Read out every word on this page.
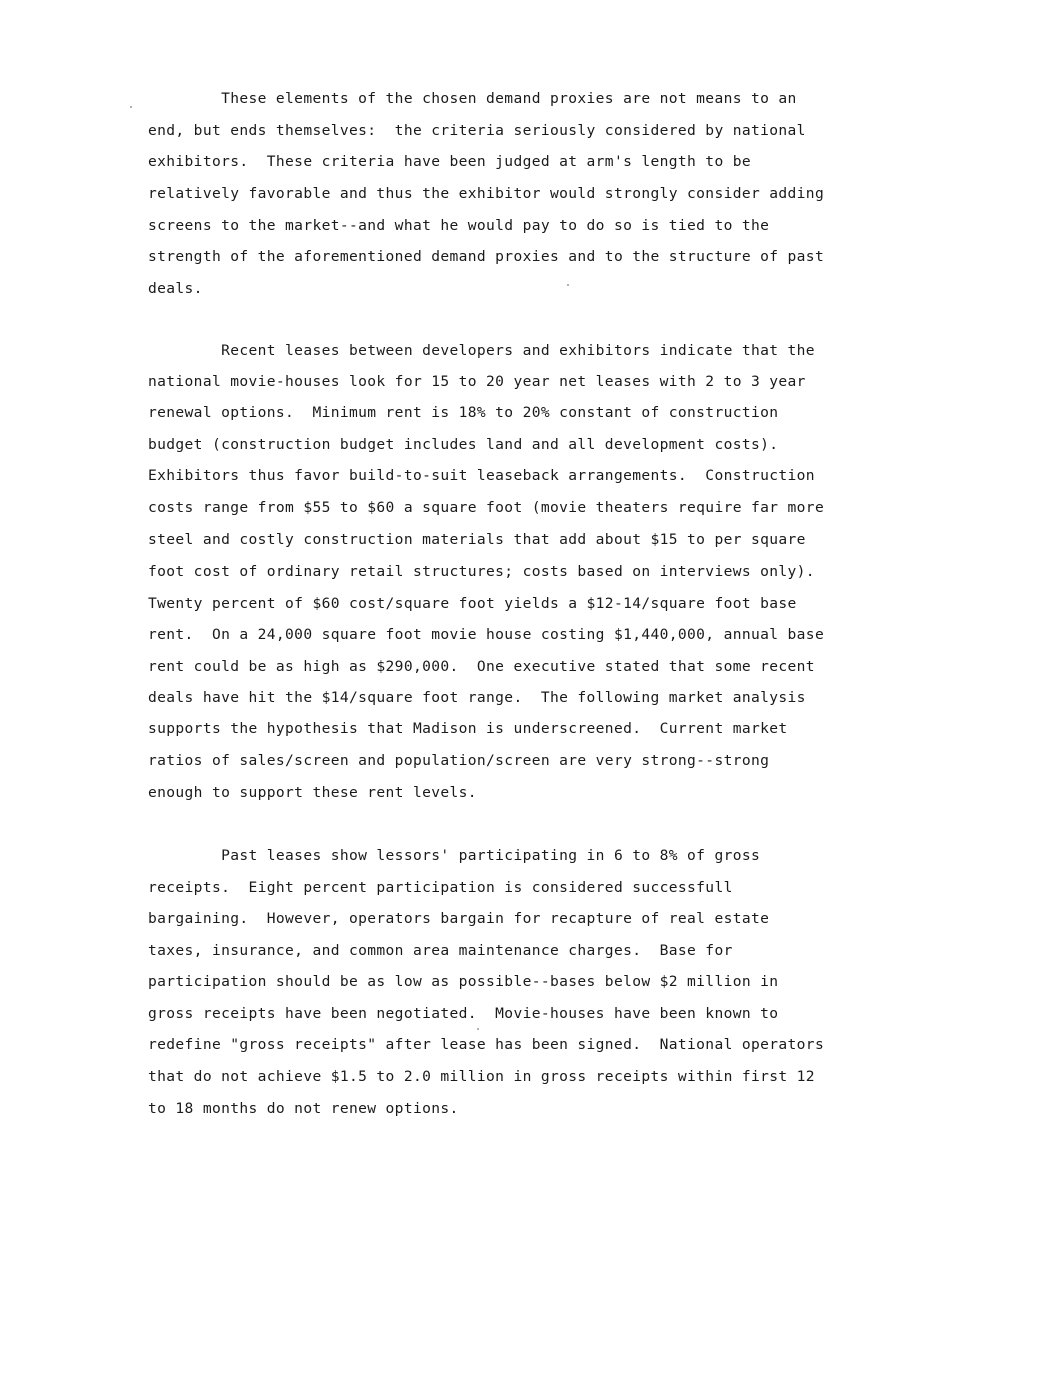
These elements of the chosen demand proxies are not means to an
end, but ends themselves:  the criteria seriously considered by national
exhibitors.  These criteria have been judged at arm's length to be
relatively favorable and thus the exhibitor would strongly consider adding
screens to the market--and what he would pay to do so is tied to the
strength of the aforementioned demand proxies and to the structure of past
deals.
Recent leases between developers and exhibitors indicate that the
national movie-houses look for 15 to 20 year net leases with 2 to 3 year
renewal options.  Minimum rent is 18% to 20% constant of construction
budget (construction budget includes land and all development costs).
Exhibitors thus favor build-to-suit leaseback arrangements.  Construction
costs range from $55 to $60 a square foot (movie theaters require far more
steel and costly construction materials that add about $15 to per square
foot cost of ordinary retail structures; costs based on interviews only).
Twenty percent of $60 cost/square foot yields a $12-14/square foot base
rent.  On a 24,000 square foot movie house costing $1,440,000, annual base
rent could be as high as $290,000.  One executive stated that some recent
deals have hit the $14/square foot range.  The following market analysis
supports the hypothesis that Madison is underscreened.  Current market
ratios of sales/screen and population/screen are very strong--strong
enough to support these rent levels.
Past leases show lessors' participating in 6 to 8% of gross
receipts.  Eight percent participation is considered successfull
bargaining.  However, operators bargain for recapture of real estate
taxes, insurance, and common area maintenance charges.  Base for
participation should be as low as possible--bases below $2 million in
gross receipts have been negotiated.  Movie-houses have been known to
redefine "gross receipts" after lease has been signed.  National operators
that do not achieve $1.5 to 2.0 million in gross receipts within first 12
to 18 months do not renew options.
